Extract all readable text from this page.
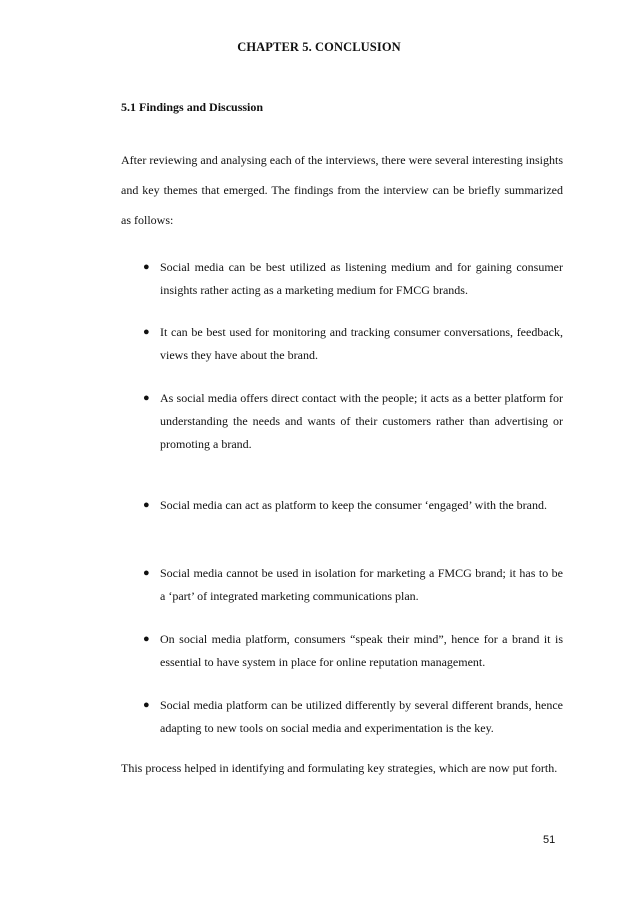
CHAPTER 5. CONCLUSION
5.1 Findings and Discussion

After reviewing and analysing each of the interviews, there were several interesting insights and key themes that emerged. The findings from the interview can be briefly summarized as follows:

● Social media can be best utilized as listening medium and for gaining consumer insights rather acting as a marketing medium for FMCG brands.
● It can be best used for monitoring and tracking consumer conversations, feedback, views they have about the brand.
● As social media offers direct contact with the people; it acts as a better platform for understanding the needs and wants of their customers rather than advertising or promoting a brand.
● Social media can act as platform to keep the consumer ‘engaged’ with the brand.
● Social media cannot be used in isolation for marketing a FMCG brand; it has to be a ‘part’ of integrated marketing communications plan.
● On social media platform, consumers “speak their mind”, hence for a brand it is essential to have system in place for online reputation management.
● Social media platform can be utilized differently by several different brands, hence adapting to new tools on social media and experimentation is the key.

This process helped in identifying and formulating key strategies, which are now put forth.

51
